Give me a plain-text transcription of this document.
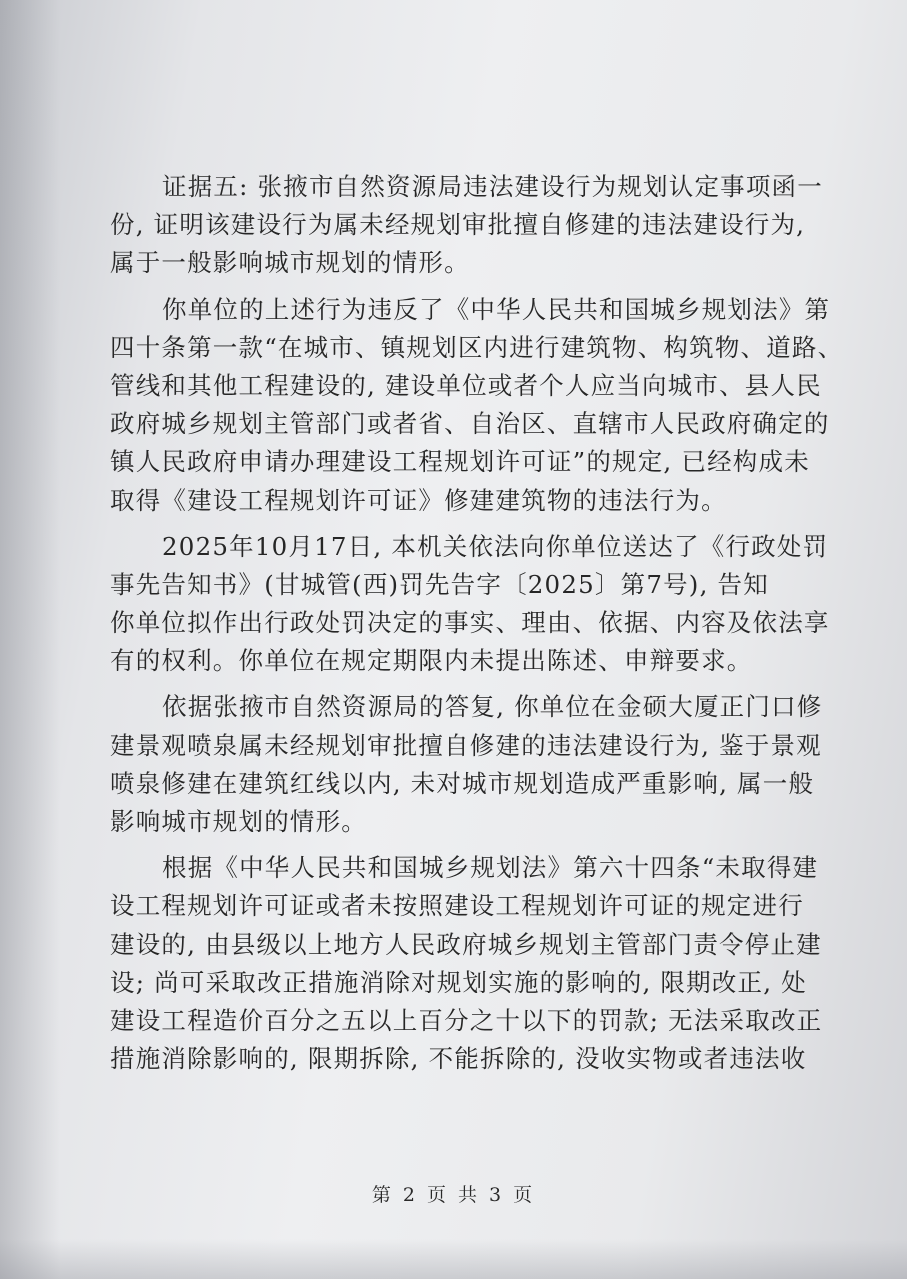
证据五: 张掖市自然资源局违法建设行为规划认定事项函一
份, 证明该建设行为属未经规划审批擅自修建的违法建设行为,
属于一般影响城市规划的情形。
你单位的上述行为违反了《中华人民共和国城乡规划法》第
四十条第一款“在城市、镇规划区内进行建筑物、构筑物、道路、
管线和其他工程建设的, 建设单位或者个人应当向城市、县人民
政府城乡规划主管部门或者省、自治区、直辖市人民政府确定的
镇人民政府申请办理建设工程规划许可证”的规定, 已经构成未
取得《建设工程规划许可证》修建建筑物的违法行为。
2025年10月17日, 本机关依法向你单位送达了《行政处罚
事先告知书》(甘城管(西)罚先告字〔2025〕第7号), 告知
你单位拟作出行政处罚决定的事实、理由、依据、内容及依法享
有的权利。你单位在规定期限内未提出陈述、申辩要求。
依据张掖市自然资源局的答复, 你单位在金硕大厦正门口修
建景观喷泉属未经规划审批擅自修建的违法建设行为, 鉴于景观
喷泉修建在建筑红线以内, 未对城市规划造成严重影响, 属一般
影响城市规划的情形。
根据《中华人民共和国城乡规划法》第六十四条“未取得建
设工程规划许可证或者未按照建设工程规划许可证的规定进行
建设的, 由县级以上地方人民政府城乡规划主管部门责令停止建
设; 尚可采取改正措施消除对规划实施的影响的, 限期改正, 处
建设工程造价百分之五以上百分之十以下的罚款; 无法采取改正
措施消除影响的, 限期拆除, 不能拆除的, 没收实物或者违法收
第 2 页 共 3 页
